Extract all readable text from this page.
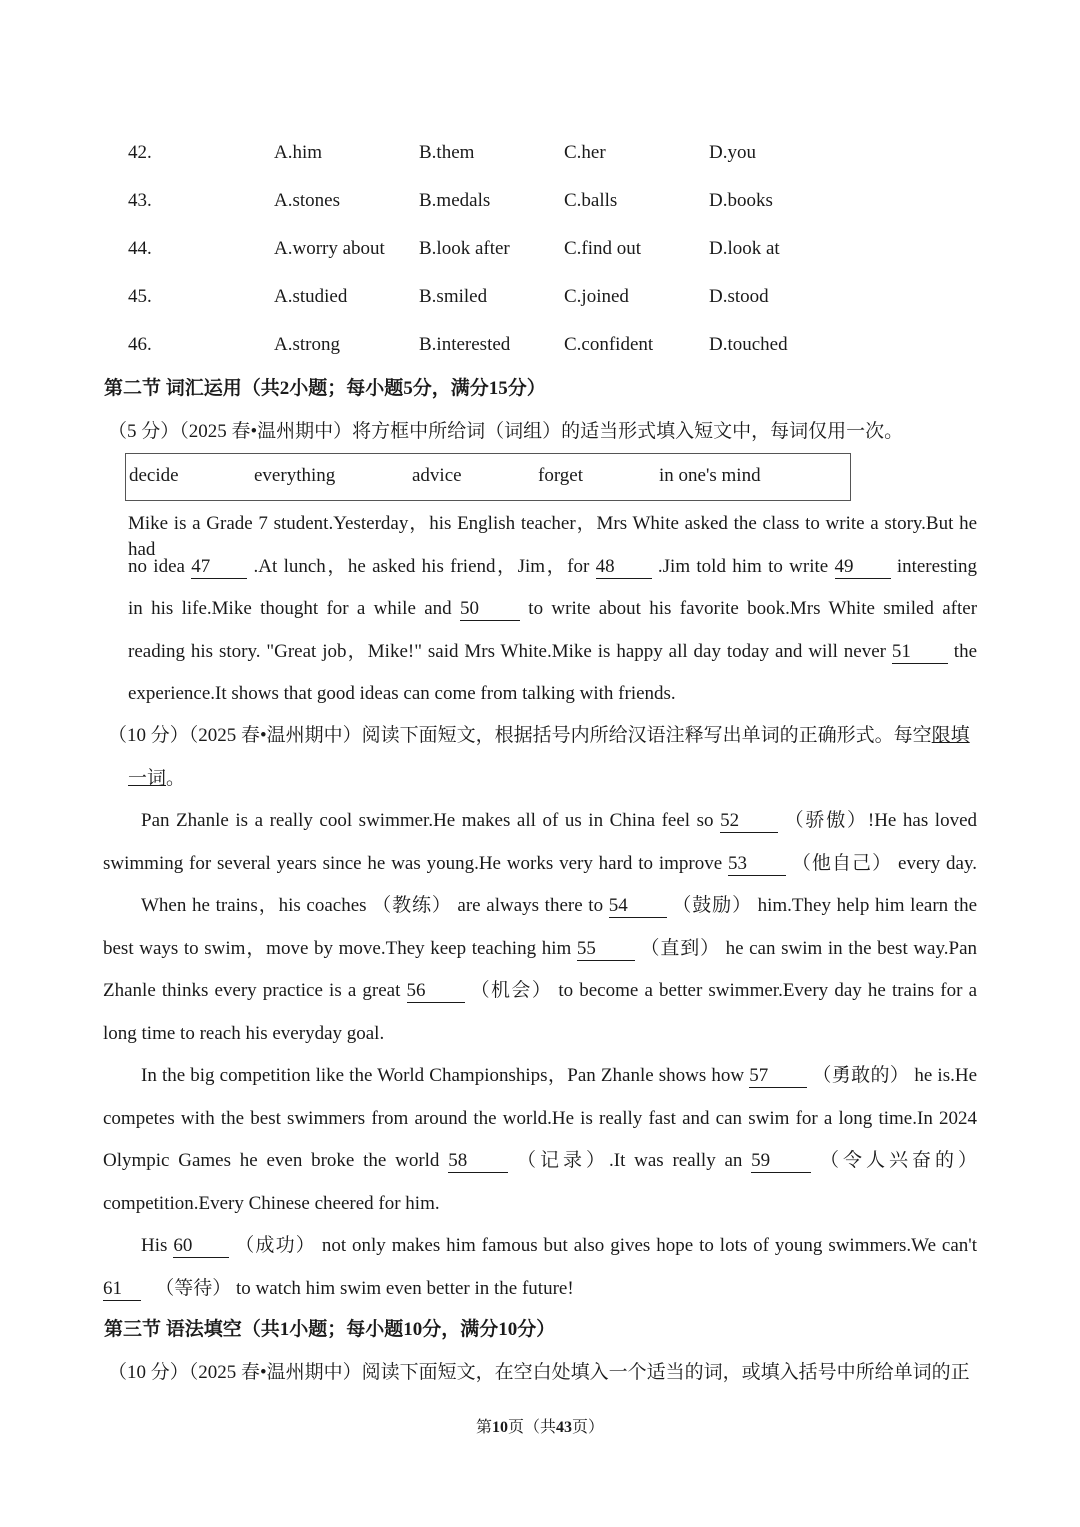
42.	A.him	B.them	C.her	D.you
43.	A.stones	B.medals	C.balls	D.books
44.	A.worry about B.look after	C.find out	D.look at
45.	A.studied	B.smiled	C.joined	D.stood
46.	A.strong	B.interested	C.confident	D.touched
第二节 词汇运用（共2小题；每小题5分，满分15分）
（5 分）（2025 春•温州期中）将方框中所给词（词组）的适当形式填入短文中，每词仅用一次。
decide	everything	advice	forget	in one's mind
Mike is a Grade 7 student.Yesterday，his English teacher，Mrs White asked the class to write a story.But he had
no idea 47 .At lunch，he asked his friend，Jim，for 48 .Jim told him to write 49 interesting
in his life.Mike thought for a while and 50	to write about his favorite book.Mrs White smiled after
reading his story. "Great job，Mike!" said Mrs White.Mike is happy all day today and will never 51 the
experience.It shows that good ideas can come from talking with friends.
（10 分）（2025 春•温州期中）阅读下面短文，根据括号内所给汉语注释写出单词的正确形式。每空限填
一词。
Pan Zhanle is a really cool swimmer.He makes all of us in China feel so 52 （骄傲）!He has loved
swimming for several years since he was young.He works very hard to improve 53 （他自己） every day.
When he trains，his coaches （教练） are always there to 54 （鼓励） him.They help him learn the
best ways to swim，move by move.They keep teaching him 55 （直到） he can swim in the best way.Pan
Zhanle thinks every practice is a great 56 （机会） to become a better swimmer.Every day he trains for a
long time to reach his everyday goal.
In the big competition like the World Championships，Pan Zhanle shows how 57 （勇敢的） he is.He
competes with the best swimmers from around the world.He is really fast and can swim for a long time.In 2024
Olympic Games he even broke the world 58	（记录）.It was really an 59	（令人兴奋的）
competition.Every Chinese cheered for him.
His 60 （成功） not only makes him famous but also gives hope to lots of young swimmers.We can't
61 （等待） to watch him swim even better in the future!
第三节 语法填空（共1小题；每小题10分，满分10分）
（10 分）（2025 春•温州期中）阅读下面短文，在空白处填入一个适当的词，或填入括号中所给单词的正
第10页（共43页）
